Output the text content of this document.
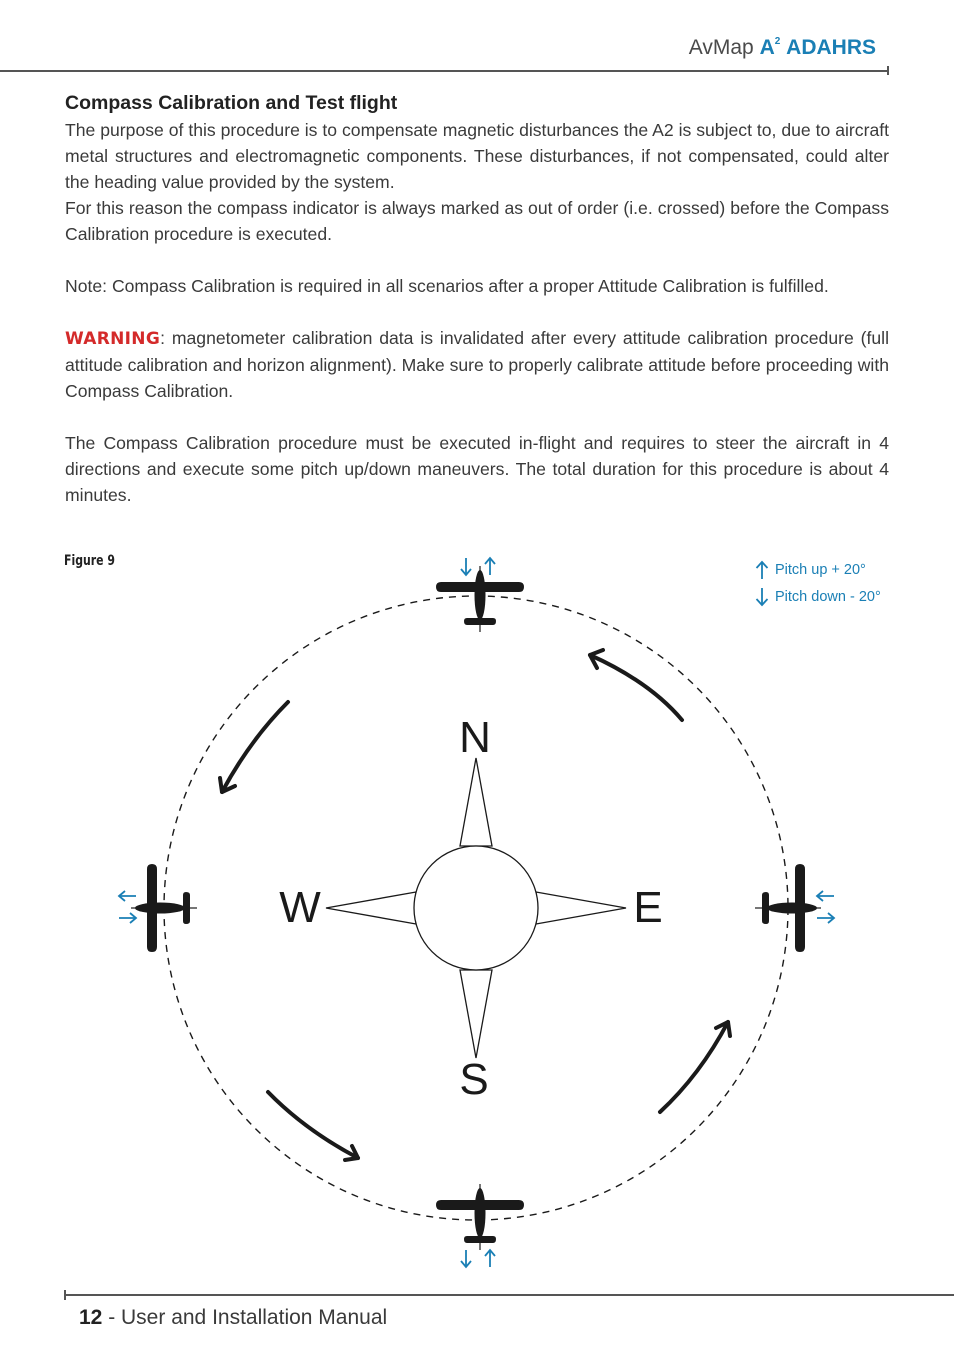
AvMap $A^2$ ADAHRS
Compass Calibration and Test flight

The purpose of this procedure is to compensate magnetic disturbances the A2 is subject to, due to aircraft metal structures and electromagnetic components. These disturbances, if not compensated, could alter the heading value provided by the system.

For this reason the compass indicator is always marked as out of order (i.e. crossed) before the Compass Calibration procedure is executed.

Note: Compass Calibration is required in all scenarios after a proper Attitude Calibration is fulfilled.

WARNING: magnetometer calibration data is invalidated after every attitude calibration procedure (full attitude calibration and horizon alignment). Make sure to properly calibrate attitude before proceeding with Compass Calibration.

The Compass Calibration procedure must be executed in-flight and requires to steer the aircraft in 4 directions and execute some pitch up/down maneuvers. The total duration for this procedure is about 4 minutes.

Figure 9
Pitch up + 20°
Pitch down - 20°
N
E
S
W
12 - User and Installation Manual
